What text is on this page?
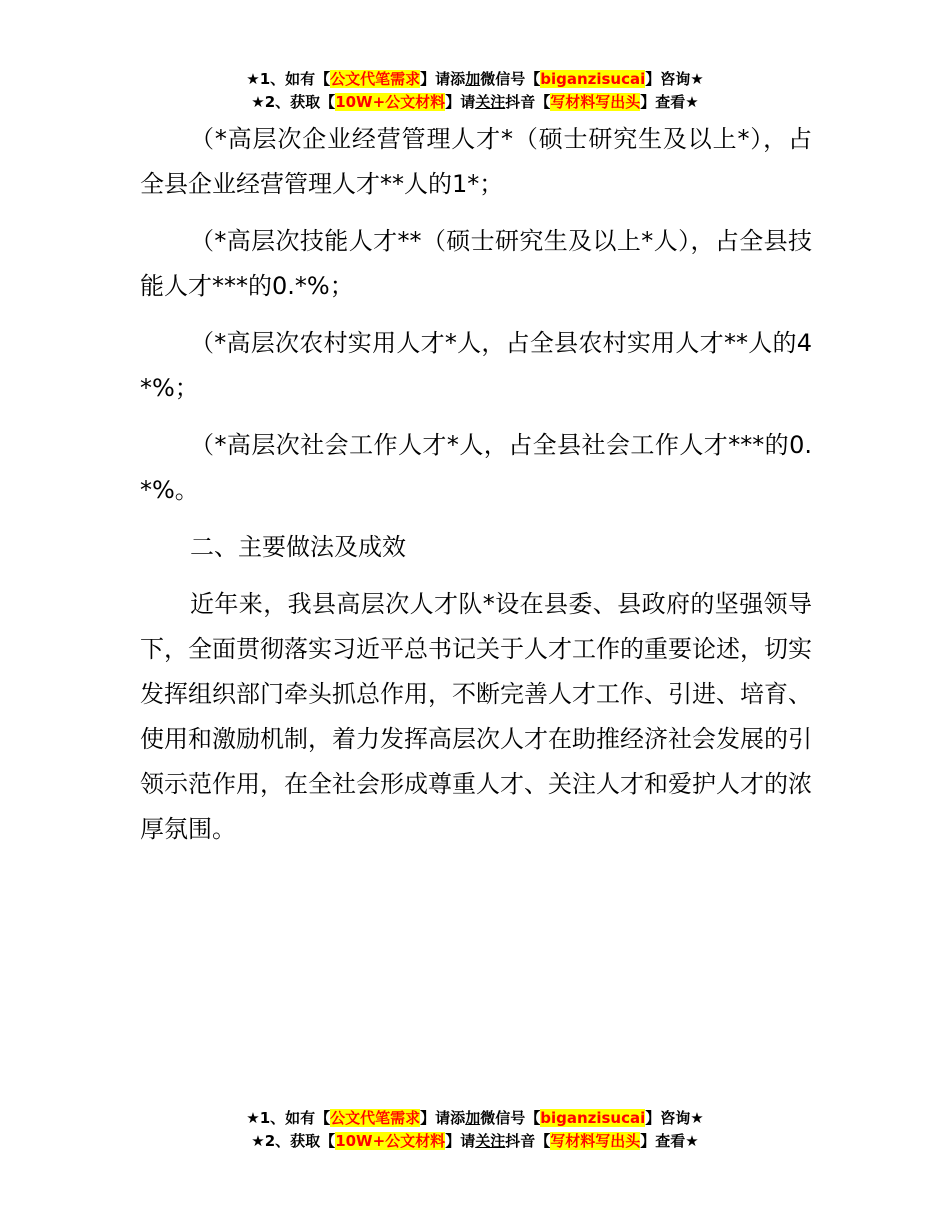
★1、如有【公文代笔需求】请添加微信号【biganzisucai】咨询★
★2、获取【10W+公文材料】请关注抖音【写材料写出头】查看★

（*高层次企业经营管理人才*（硕士研究生及以上*），占全县企业经营管理人才**人的1*；

（*高层次技能人才**（硕士研究生及以上*人），占全县技能人才***的0.*%；

（*高层次农村实用人才*人，占全县农村实用人才**人的4*%；

（*高层次社会工作人才*人，占全县社会工作人才***的0.*%。

二、主要做法及成效

近年来，我县高层次人才队*设在县委、县政府的坚强领导下，全面贯彻落实习近平总书记关于人才工作的重要论述，切实发挥组织部门牵头抓总作用，不断完善人才工作、引进、培育、使用和激励机制，着力发挥高层次人才在助推经济社会发展的引领示范作用，在全社会形成尊重人才、关注人才和爱护人才的浓厚氛围。

★1、如有【公文代笔需求】请添加微信号【biganzisucai】咨询★
★2、获取【10W+公文材料】请关注抖音【写材料写出头】查看★
